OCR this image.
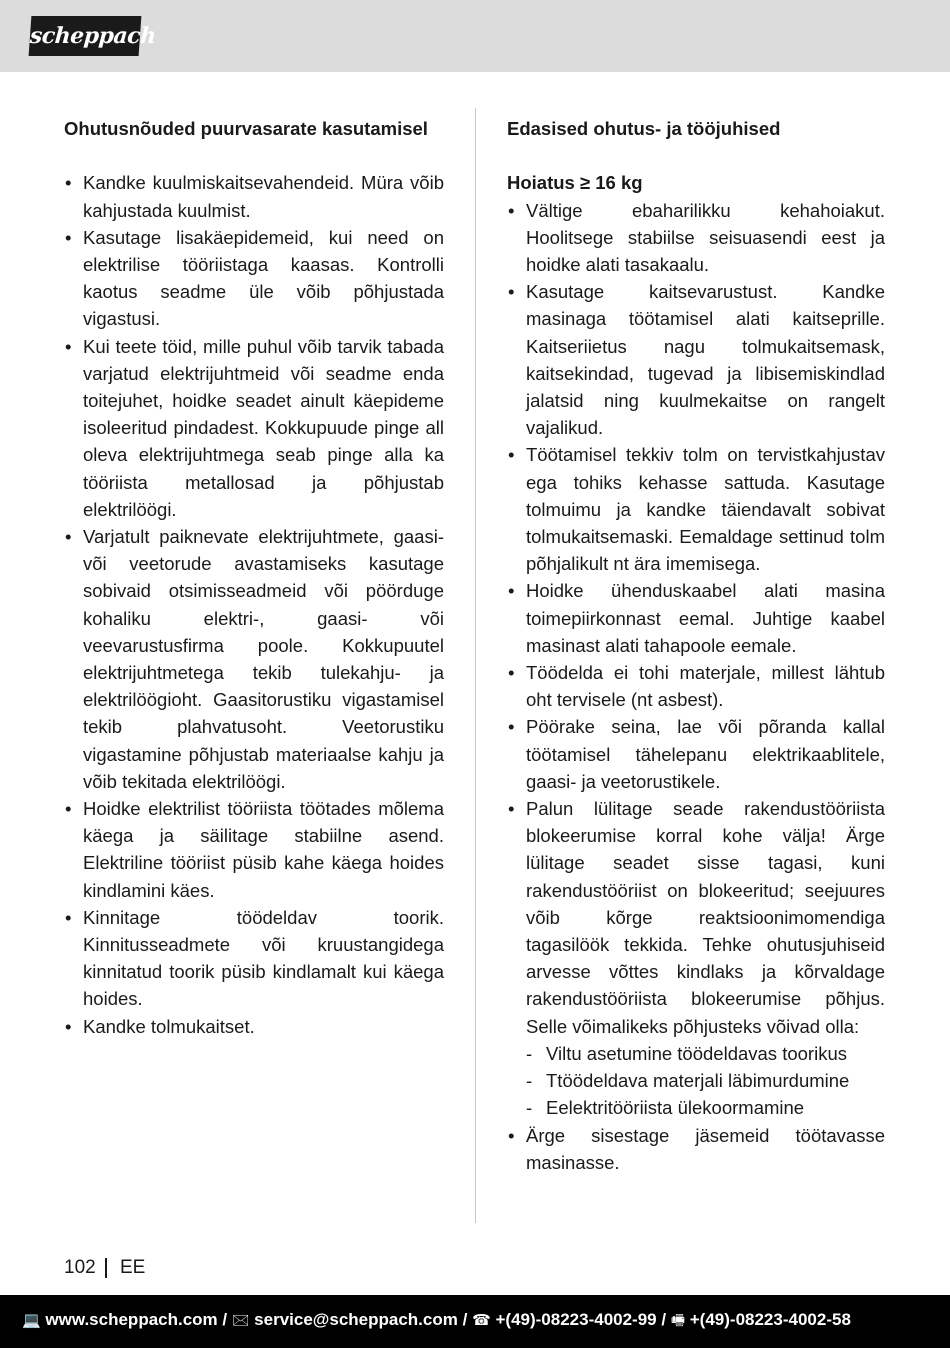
scheppach
Ohutusnõuded puurvasarate kasutamisel
• Kandke kuulmiskaitsevahendeid. Müra võib kahjustada kuulmist.
• Kasutage lisakäepidemeid, kui need on elektrilise tööriistaga kaasas. Kontrolli kaotus seadme üle võib põhjustada vigastusi.
• Kui teete töid, mille puhul võib tarvik tabada varjatud elektrijuhtmeid või seadme enda toitejuhet, hoidke seadet ainult käepideme isoleeritud pindadest. Kokkupuude pinge all oleva elektrijuhtmega seab pinge alla ka tööriista metallosad ja põhjustab elektrilöögi.
• Varjatult paiknevate elektrijuhtmete, gaasi- või veetorude avastamiseks kasutage sobivaid otsimisseadmeid või pöörduge kohaliku elektri-, gaasi- või veevarustusfirma poole. Kokkupuutel elektrijuhtmetega tekib tulekahju- ja elektrilöögioht. Gaasitorustiku vigastamisel tekib plahvatusoht. Veetorustiku vigastamine põhjustab materiaalse kahju ja võib tekitada elektrilöögi.
• Hoidke elektrilist tööriista töötades mõlema käega ja säilitage stabiilne asend. Elektriline tööriist püsib kahe käega hoides kindlamini käes.
• Kinnitage töödeldav toorik. Kinnitusseadmete või kruustangidega kinnitatud toorik püsib kindlamalt kui käega hoides.
• Kandke tolmukaitset.
Edasised ohutus- ja tööjuhised
Hoiatus ≥ 16 kg
• Vältige ebaharilikku kehahoiakut. Hoolitsege stabiilse seisuasendi eest ja hoidke alati tasakaalu.
• Kasutage kaitsevarustust. Kandke masinaga töötamisel alati kaitseprille. Kaitseriietus nagu tolmukaitsemask, kaitsekindad, tugevad ja libisemiskindlad jalatsid ning kuulmekaitse on rangelt vajalikud.
• Töötamisel tekkiv tolm on tervistkahjustav ega tohiks kehasse sattuda. Kasutage tolmuimu ja kandke täiendavalt sobivat tolmukaitsemaski. Eemaldage settinud tolm põhjalikult nt ära imemisega.
• Hoidke ühenduskaabel alati masina toimepiirkonnast eemal. Juhtige kaabel masinast alati tahapoole eemale.
• Töödelda ei tohi materjale, millest lähtub oht tervisele (nt asbest).
• Pöörake seina, lae või põranda kallal töötamisel tähelepanu elektrikaablitele, gaasi- ja veetorustikele.
• Palun lülitage seade rakendustööriista blokeerumise korral kohe välja! Ärge lülitage seadet sisse tagasi, kuni rakendustööriist on blokeeritud; seejuures võib kõrge reaktsioonimomendiga tagasilöök tekkida. Tehke ohutusjuhiseid arvesse võttes kindlaks ja kõrvaldage rakendustööriista blokeerumise põhjus. Selle võimalikeks põhjusteks võivad olla:
- Viltu asetumine töödeldavas toorikus
- Ttöödeldava materjali läbimurdumine
- Eelektritööriista ülekoormamine
• Ärge sisestage jäsemeid töötavasse masinasse.
102 EE
💻 www.scheppach.com / 🖂 service@scheppach.com / ☎ +(49)-08223-4002-99 / 🖷 +(49)-08223-4002-58
